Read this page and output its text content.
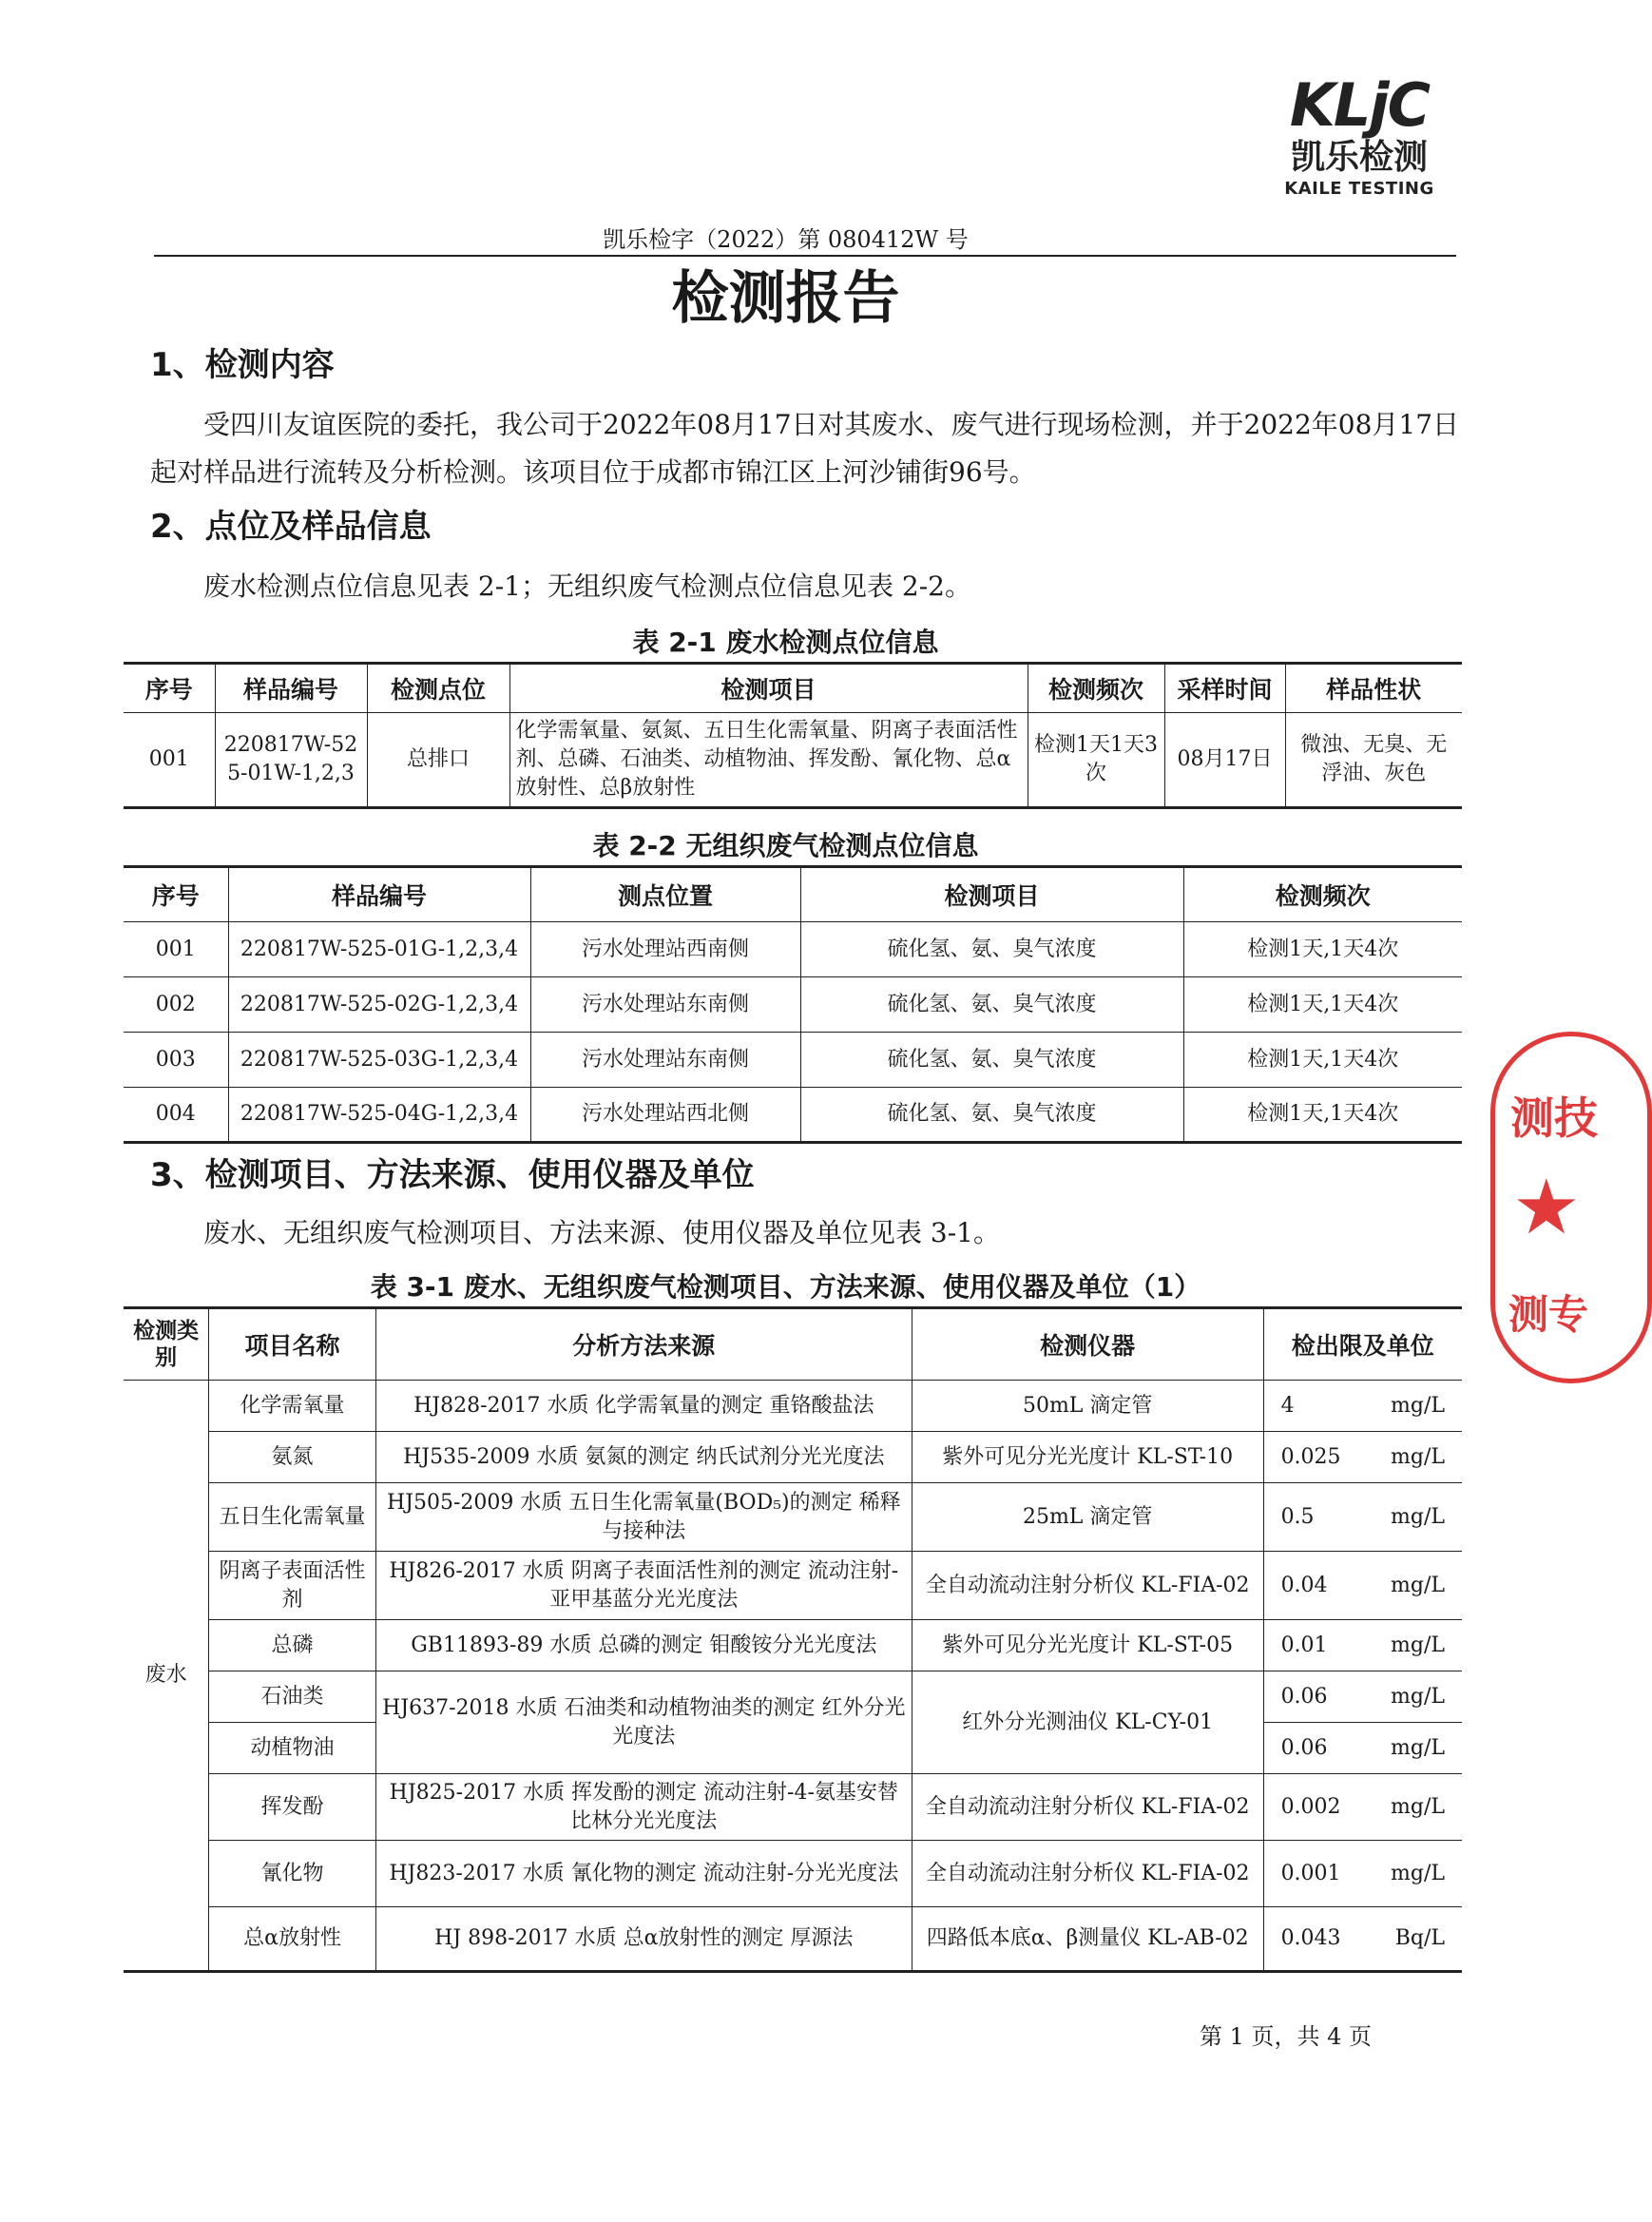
KLjC
凯乐检测
KAILE TESTING
凯乐检字（2022）第 080412W 号
检测报告
1、检测内容
受四川友谊医院的委托，我公司于2022年08月17日对其废水、废气进行现场检测，并于2022年08月17日起对样品进行流转及分析检测。该项目位于成都市锦江区上河沙铺街96号。
2、点位及样品信息
废水检测点位信息见表 2-1；无组织废气检测点位信息见表 2-2。
表 2-1 废水检测点位信息
序号	样品编号	检测点位	检测项目	检测频次	采样时间	样品性状
001	220817W-525-01W-1,2,3	总排口	化学需氧量、氨氮、五日生化需氧量、阴离子表面活性剂、总磷、石油类、动植物油、挥发酚、氰化物、总α放射性、总β放射性	检测1天1天3次	08月17日	微浊、无臭、无浮油、灰色
表 2-2 无组织废气检测点位信息
序号	样品编号	测点位置	检测项目	检测频次
001	220817W-525-01G-1,2,3,4	污水处理站西南侧	硫化氢、氨、臭气浓度	检测1天,1天4次
002	220817W-525-02G-1,2,3,4	污水处理站东南侧	硫化氢、氨、臭气浓度	检测1天,1天4次
003	220817W-525-03G-1,2,3,4	污水处理站东南侧	硫化氢、氨、臭气浓度	检测1天,1天4次
004	220817W-525-04G-1,2,3,4	污水处理站西北侧	硫化氢、氨、臭气浓度	检测1天,1天4次
3、检测项目、方法来源、使用仪器及单位
废水、无组织废气检测项目、方法来源、使用仪器及单位见表 3-1。
表 3-1 废水、无组织废气检测项目、方法来源、使用仪器及单位（1）
检测类别	项目名称	分析方法来源	检测仪器	检出限及单位
废水	化学需氧量	HJ828-2017 水质 化学需氧量的测定 重铬酸盐法	50mL 滴定管	4 mg/L

	氨氮	HJ535-2009 水质 氨氮的测定 纳氏试剂分光光度法	紫外可见分光光度计 KL-ST-10	0.025 mg/L

	五日生化需氧量	HJ505-2009 水质 五日生化需氧量(BOD₅)的测定 稀释与接种法	25mL 滴定管	0.5 mg/L

	阴离子表面活性剂	HJ826-2017 水质 阴离子表面活性剂的测定 流动注射-亚甲基蓝分光光度法	全自动流动注射分析仪 KL-FIA-02	0.04 mg/L

	总磷	GB11893-89 水质 总磷的测定 钼酸铵分光光度法	紫外可见分光光度计 KL-ST-05	0.01 mg/L

	石油类	HJ637-2018 水质 石油类和动植物油类的测定 红外分光光度法	红外分光测油仪 KL-CY-01	0.06 mg/L

	动植物油			0.06 mg/L

	挥发酚	HJ825-2017 水质 挥发酚的测定 流动注射-4-氨基安替比林分光光度法	全自动流动注射分析仪 KL-FIA-02	0.002 mg/L

	氰化物	HJ823-2017 水质 氰化物的测定 流动注射-分光光度法	全自动流动注射分析仪 KL-FIA-02	0.001 mg/L

	总α放射性	HJ 898-2017 水质 总α放射性的测定 厚源法	四路低本底α、β测量仪 KL-AB-02	0.043 Bq/L
第 1 页，共 4 页
测技
★
测专
